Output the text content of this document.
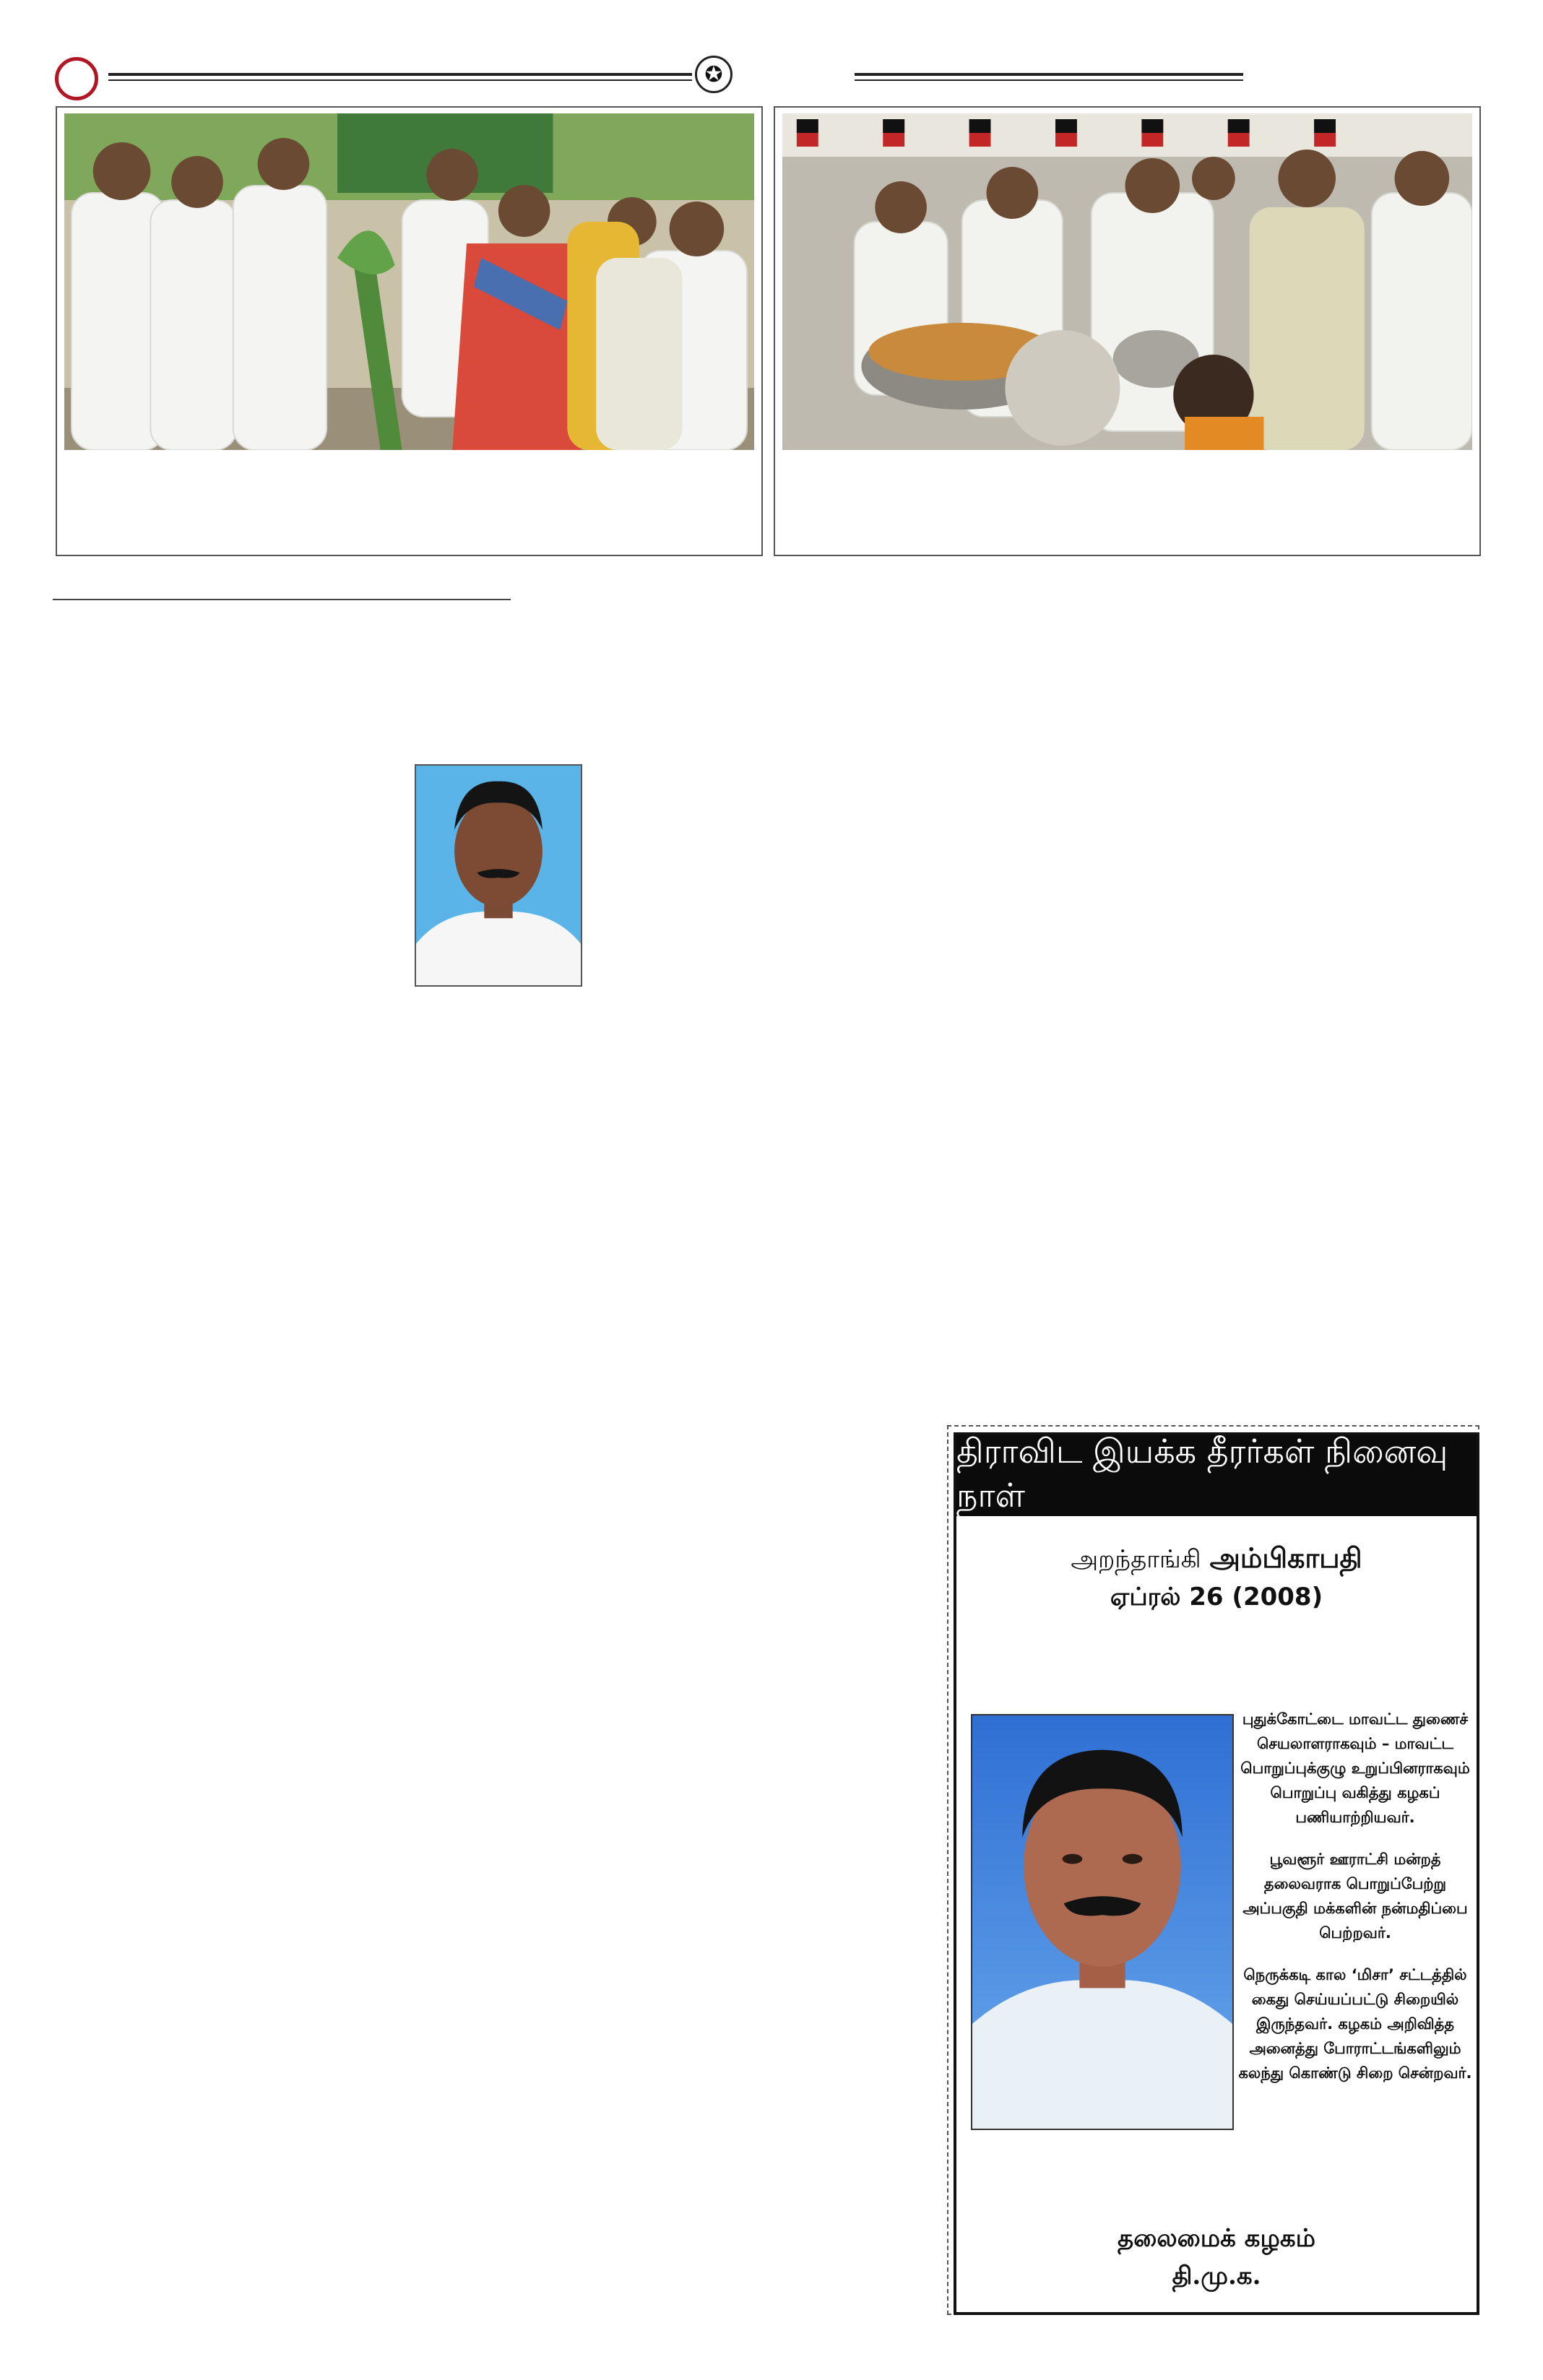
✪
திராவிட இயக்க தீரர்கள் நினைவு நாள்
அறந்தாங்கி அம்பிகாபதி
ஏப்ரல் 26 (2008)

புதுக்கோட்டை மாவட்ட துணைச் செயலாளராகவும் – மாவட்ட பொறுப்புக்குழு உறுப்பினராகவும் பொறுப்பு வகித்து கழகப் பணியாற்றியவர்.

பூவளூர் ஊராட்சி மன்றத் தலைவராக பொறுப்பேற்று அப்பகுதி மக்களின் நன்மதிப்பை பெற்றவர்.

நெருக்கடி கால ‘மிசா’ சட்டத்தில் கைது செய்யப்பட்டு சிறையில் இருந்தவர். கழகம் அறிவித்த அனைத்து போராட்டங்களிலும் கலந்து கொண்டு சிறை சென்றவர்.

தலைமைக் கழகம்
தி.மு.க.
